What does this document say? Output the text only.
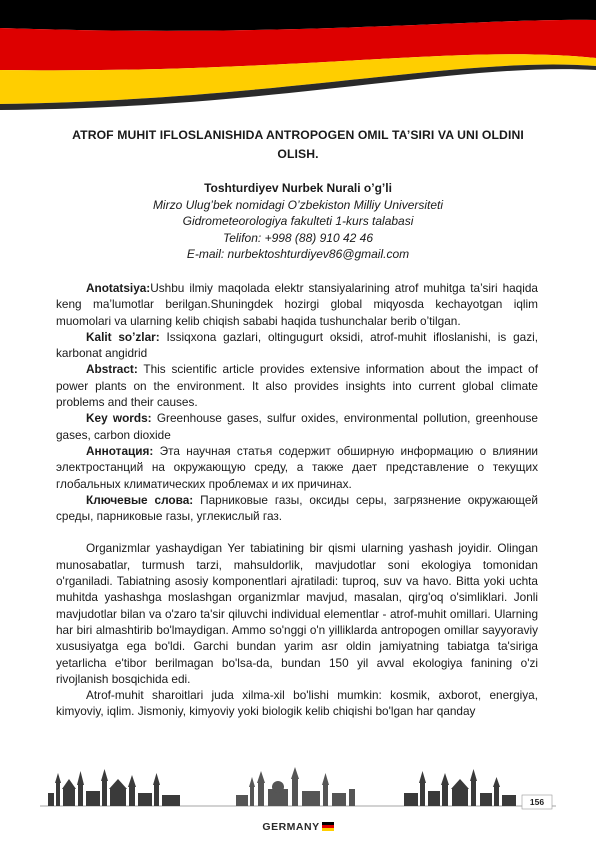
ATROF MUHIT IFLOSLANISHIDA ANTROPOGEN OMIL TA’SIRI VA UNI OLDINI OLISH.
Toshturdiyev Nurbek Nurali o’g’li
Mirzo Ulug’bek nomidagi O’zbekiston Milliy Universiteti
Gidrometeorologiya fakulteti 1-kurs talabasi
Telifon: +998 (88) 910 42 46
E-mail: nurbektoshturdiyev86@gmail.com

Anotatsiya:Ushbu ilmiy maqolada elektr stansiyalarining atrof muhitga ta’siri haqida keng ma’lumotlar berilgan.Shuningdek hozirgi global miqyosda kechayotgan iqlim muomolari va ularning kelib chiqish sababi haqida tushunchalar berib o’tilgan.

Kalit so’zlar: Issiqxona gazlari, oltingugurt oksidi, atrof-muhit ifloslanishi, is gazi, karbonat angidrid

Abstract: This scientific article provides extensive information about the impact of power plants on the environment. It also provides insights into current global climate problems and their causes.

Key words: Greenhouse gases, sulfur oxides, environmental pollution, greenhouse gases, carbon dioxide

Аннотация: Эта научная статья содержит обширную информацию о влиянии электростанций на окружающую среду, а также дает представление о текущих глобальных климатических проблемах и их причинах.

Ключевые слова: Парниковые газы, оксиды серы, загрязнение окружающей среды, парниковые газы, углекислый газ.

Organizmlar yashaydigan Yer tabiatining bir qismi ularning yashash joyidir. Olingan munosabatlar, turmush tarzi, mahsuldorlik, mavjudotlar soni ekologiya tomonidan o'rganiladi. Tabiatning asosiy komponentlari ajratiladi: tuproq, suv va havo. Bitta yoki uchta muhitda yashashga moslashgan organizmlar mavjud, masalan, qirg'oq o'simliklari. Jonli mavjudotlar bilan va o'zaro ta'sir qiluvchi individual elementlar - atrof-muhit omillari. Ularning har biri almashtirib bo'lmaydigan. Ammo so'nggi o'n yilliklarda antropogen omillar sayyoraviy xususiyatga ega bo'ldi. Garchi bundan yarim asr oldin jamiyatning tabiatga ta'siriga yetarlicha e'tibor berilmagan bo'lsa-da, bundan 150 yil avval ekologiya fanining o'zi rivojlanish bosqichida edi.

Atrof-muhit sharoitlari juda xilma-xil bo'lishi mumkin: kosmik, axborot, energiya, kimyoviy, iqlim. Jismoniy, kimyoviy yoki biologik kelib chiqishi bo'lgan har qanday

156
GERMANY
